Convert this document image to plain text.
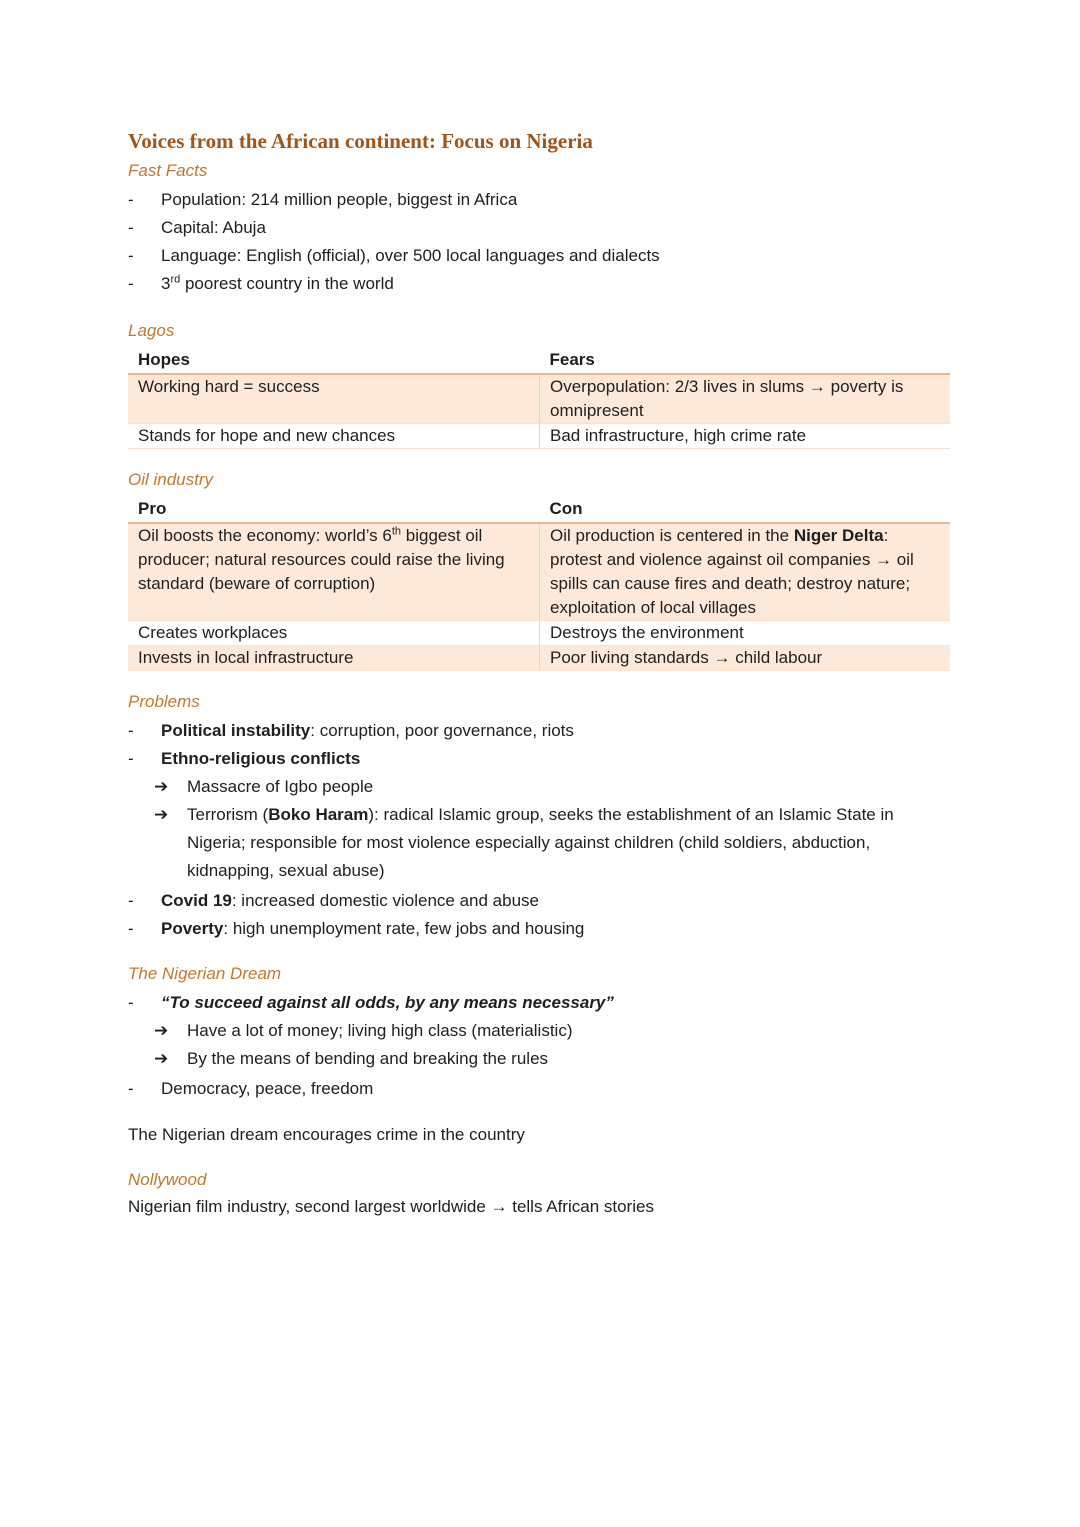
Voices from the African continent: Focus on Nigeria

Fast Facts

- Population: 214 million people, biggest in Africa
- Capital: Abuja
- Language: English (official), over 500 local languages and dialects
- 3rd poorest country in the world

Lagos

Hopes	Fears
Working hard = success	Overpopulation: 2/3 lives in slums → poverty is omnipresent
Stands for hope and new chances	Bad infrastructure, high crime rate

Oil industry

Pro	Con
Oil boosts the economy: world’s 6th biggest oil producer; natural resources could raise the living standard (beware of corruption)	Oil production is centered in the Niger Delta: protest and violence against oil companies → oil spills can cause fires and death; destroy nature; exploitation of local villages
Creates workplaces	Destroys the environment
Invests in local infrastructure	Poor living standards → child labour

Problems

- Political instability: corruption, poor governance, riots
- Ethno-religious conflicts
➔ Massacre of Igbo people
➔ Terrorism (Boko Haram): radical Islamic group, seeks the establishment of an Islamic State in Nigeria; responsible for most violence especially against children (child soldiers, abduction, kidnapping, sexual abuse)
- Covid 19: increased domestic violence and abuse
- Poverty: high unemployment rate, few jobs and housing

The Nigerian Dream

- “To succeed against all odds, by any means necessary”
➔ Have a lot of money; living high class (materialistic)
➔ By the means of bending and breaking the rules
- Democracy, peace, freedom

The Nigerian dream encourages crime in the country

Nollywood

Nigerian film industry, second largest worldwide → tells African stories
